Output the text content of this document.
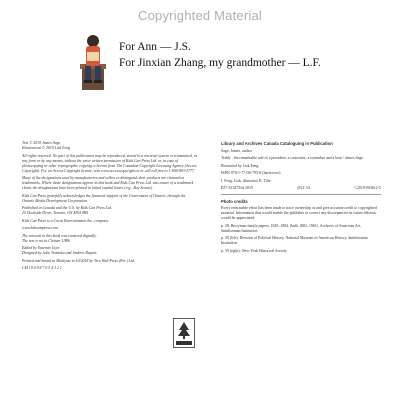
Copyrighted Material
For Ann — J.S.
For Jinxian Zhang, my grandmother — L.F.

Text © 2019 James Sage
Illustrations © 2019 Lisk Feng

All rights reserved. No part of this publication may be reproduced, stored in a retrieval system or transmitted, in any form or by any means, without the prior written permission of Kids Can Press Ltd. or, in case of photocopying or other reprographic copying, a license from The Canadian Copyright Licensing Agency (Access Copyright). For an Access Copyright license, visit www.accesscopyright.ca or call toll free to 1-800-893-5777.

Many of the designations used by manufacturers and sellers to distinguish their products are claimed as trademarks. Where those designations appear in this book and Kids Can Press Ltd. was aware of a trademark claim, the designations have been printed in initial capital letters (e.g., Boy Scouts).

Kids Can Press gratefully acknowledges the financial support of the Government of Ontario, through the Ontario Media Development Corporation.

Published in Canada and the U.S. by Kids Can Press Ltd.
25 Dockside Drive, Toronto, ON M5A 0B5

Kids Can Press is a Corus Entertainment Inc. company

www.kidscanpress.com

The artwork in this book was rendered digitally.
The text is set in Cloister URW.

Edited by Yasemin Uçar
Designed by Julia Naimska and Andrew Dupuis

Printed and bound in Malaysia in 10/2018 by Tien Wah Press (Pte.) Ltd.

CM 19 0 9 8 7 6 5 4 3 2 1

Library and Archives Canada Cataloguing in Publication

Sage, James, author

Teddy : the remarkable tale of a president, a cartoonist, a toymaker and a bear / James Sage.

Illustrated by Lisk Feng.

ISBN 978-1-77138-795-8 (hardcover)

I. Feng, Lisk, illustrator II. Title.

PZ7.S1347Ted 2019	j813'.54	C2018-903612-5

Photo credits

Every reasonable effort has been made to trace ownership of and give accurate credit to copyrighted material. Information that would enable the publisher to correct any discrepancies in future editions would be appreciated.

p. 38: Berryman family papers, 1829–1984, (bulk 1882–1961). Archives of American Art, Smithsonian Institution

p. 39 (left): Division of Political History, National Museum of American History, Smithsonian Institution

p. 39 (right): New-York Historical Society
